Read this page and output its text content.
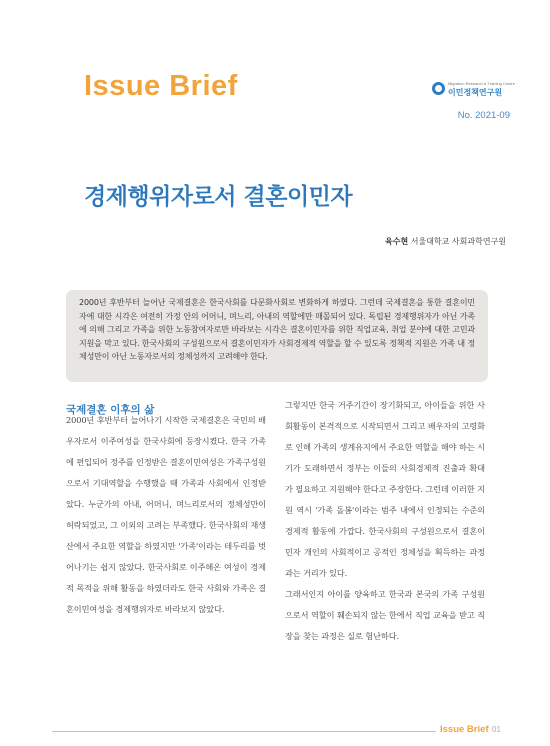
Issue Brief	Migration Research & Training Centre
이민정책연구원
No. 2021-09
경제행위자로서 결혼이민자
육수현 서울대학교 사회과학연구원

2000년 후반부터 늘어난 국제결혼은 한국사회를 다문화사회로 변화하게 하였다. 그런데 국제결혼을 통한 결혼이민자에 대한 시각은 여전히 가정 안의 어머니, 며느리, 아내의 역할에만 매몰되어 있다. 독립된 경제행위자가 아닌 가족에 의해 그리고 가족을 위한 노동참여자로만 바라보는 시각은 결혼이민자를 위한 직업교육, 취업 분야에 대한 고민과 지원을 막고 있다. 한국사회의 구성원으로서 결혼이민자가 사회경제적 역할을 할 수 있도록 정책적 지원은 가족 내 정체성만이 아닌 노동자로서의 정체성까지 고려해야 한다.

국제결혼 이후의 삶

2000년 후반부터 늘어나기 시작한 국제결혼은 국민의 배우자로서 이주여성을 한국사회에 등장시켰다. 한국 가족에 편입되어 정주를 인정받은 결혼이민여성은 가족구성원으로서 기대역할을 수행했을 때 가족과 사회에서 인정받았다. 누군가의 아내, 어머니, 며느리로서의 정체성만이 허락되었고, 그 이외의 고려는 부족했다. 한국사회의 재생산에서 주요한 역할을 하였지만 '가족'이라는 테두리를 벗어나기는 쉽지 않았다. 한국사회로 이주해온 여성이 경제적 목적을 위해 활동을 하였더라도 한국 사회와 가족은 결혼이민여성을 경제행위자로 바라보지 않았다.

그렇지만 한국 거주기간이 장기화되고, 아이들을 위한 사회활동이 본격적으로 시작되면서 그리고 배우자의 고령화로 인해 가족의 생계유지에서 주요한 역할을 해야 하는 시기가 도래하면서 정부는 이들의 사회경제적 진출과 확대가 필요하고 지원해야 한다고 주장한다. 그런데 이러한 지원 역시 '가족 돌봄'이라는 범주 내에서 인정되는 수준의 경제적 활동에 가깝다. 한국사회의 구성원으로서 결혼이민자 개인의 사회적이고 공적인 정체성을 획득하는 과정과는 거리가 있다.

그래서인지 아이를 양육하고 한국과 본국의 가족 구성원으로서 역할이 훼손되지 않는 한에서 직업 교육을 받고 직장을 찾는 과정은 실로 험난하다.

Issue Brief 01
